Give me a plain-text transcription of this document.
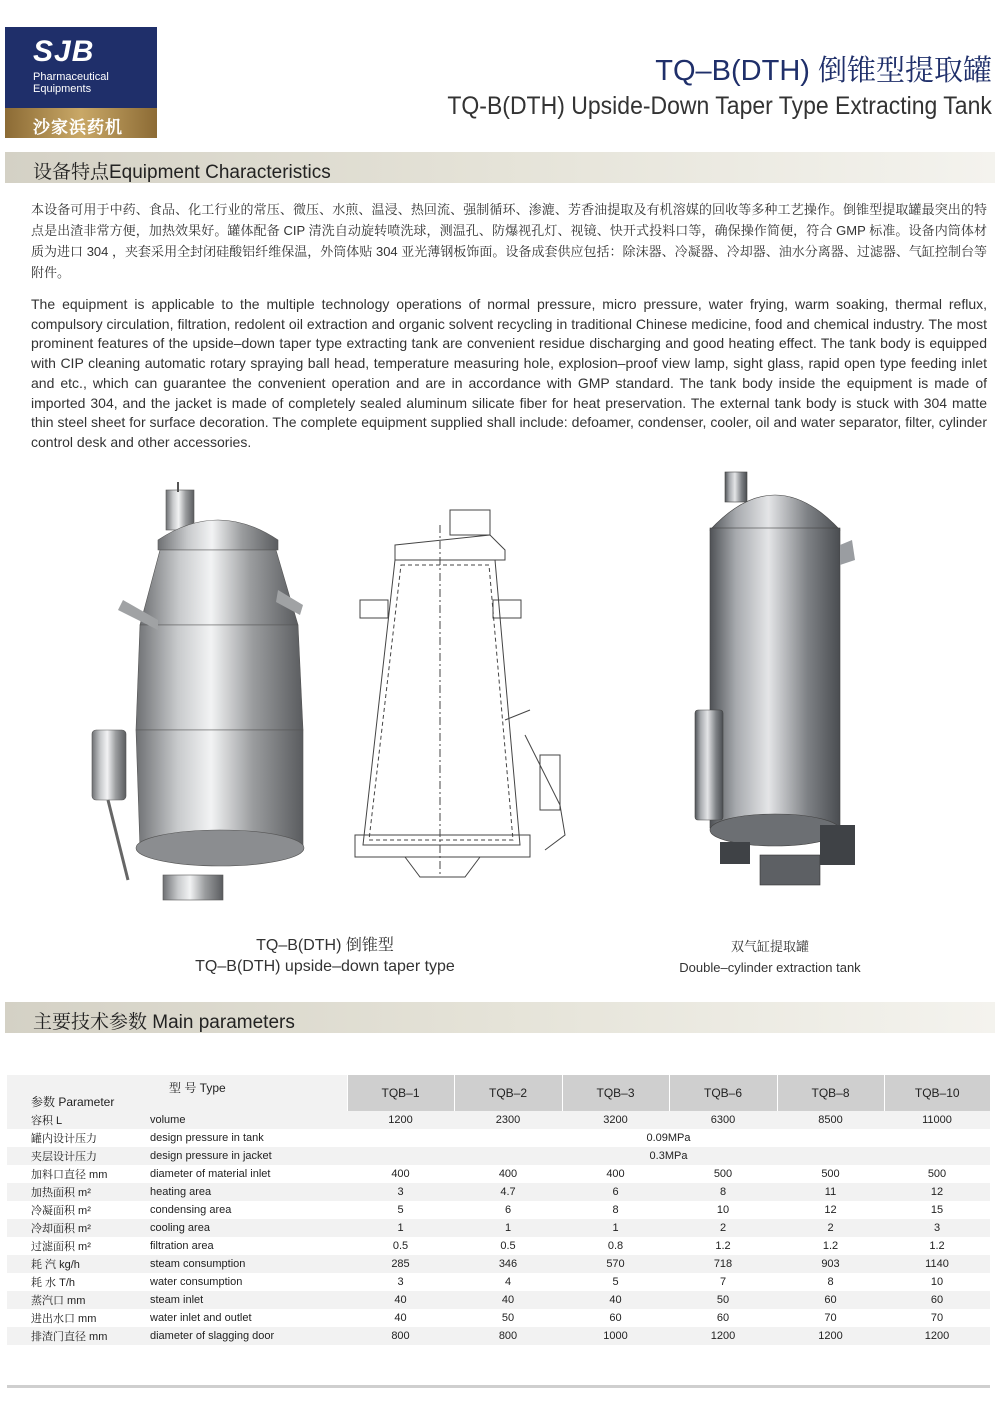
SJB
Pharmaceutical
Equipments
沙家浜药机
TQ–B(DTH) 倒锥型提取罐
TQ-B(DTH) Upside-Down Taper Type Extracting Tank
设备特点Equipment Characteristics
本设备可用于中药、食品、化工行业的常压、微压、水煎、温浸、热回流、强制循环、渗漉、芳香油提取及有机溶媒的回收等多种工艺操作。倒锥型提取罐最突出的特点是出渣非常方便，加热效果好。罐体配备 CIP 清洗自动旋转喷洗球，测温孔、防爆视孔灯、视镜、快开式投料口等，确保操作简便，符合 GMP 标准。设备内筒体材质为进口 304 ，夹套采用全封闭硅酸铝纤维保温，外筒体贴 304 亚光薄钢板饰面。设备成套供应包括：除沫器、冷凝器、冷却器、油水分离器、过滤器、气缸控制台等附件。
The equipment is applicable to the multiple technology operations of normal pressure, micro pressure, water frying, warm soaking, thermal reflux, compulsory circulation, filtration, redolent oil extraction and organic solvent recycling in traditional Chinese medicine, food and chemical industry. The most prominent features of the upside–down taper type extracting tank are convenient residue discharging and good heating effect. The tank body is equipped with CIP cleaning automatic rotary spraying ball head, temperature measuring hole, explosion–proof view lamp, sight glass, rapid open type feeding inlet and etc., which can guarantee the convenient operation and are in accordance with GMP standard. The tank body inside the equipment is made of imported 304, and the jacket is made of completely sealed aluminum silicate fiber for heat preservation. The external tank body is stuck with 304 matte thin steel sheet for surface decoration. The complete equipment supplied shall include: defoamer, condenser, cooler, oil and water separator, filter, cylinder control desk and other accessories.
TQ–B(DTH) 倒锥型
TQ–B(DTH) upside–down taper type
双气缸提取罐
Double–cylinder extraction tank
主要技术参数 Main parameters
型 号 Type
参数 Parameter		TQB–1	TQB–2	TQB–3	TQB–6	TQB–8	TQB–10
容积 L	volume	1200	2300	3200	6300	8500	11000
罐内设计压力	design pressure in tank	0.09MPa					
夹层设计压力	design pressure in jacket	0.3MPa					
加料口直径 mm	diameter of material inlet	400	400	400	500	500	500
加热面积 m²	heating area	3	4.7	6	8	11	12
冷凝面积 m²	condensing area	5	6	8	10	12	15
冷却面积 m²	cooling area	1	1	1	2	2	3
过滤面积 m²	filtration area	0.5	0.5	0.8	1.2	1.2	1.2
耗 汽 kg/h	steam consumption	285	346	570	718	903	1140
耗 水 T/h	water consumption	3	4	5	7	8	10
蒸汽口 mm	steam inlet	40	40	40	50	60	60
进出水口 mm	water inlet and outlet	40	50	60	60	70	70
排渣门直径 mm	diameter of slagging door	800	800	1000	1200	1200	1200
